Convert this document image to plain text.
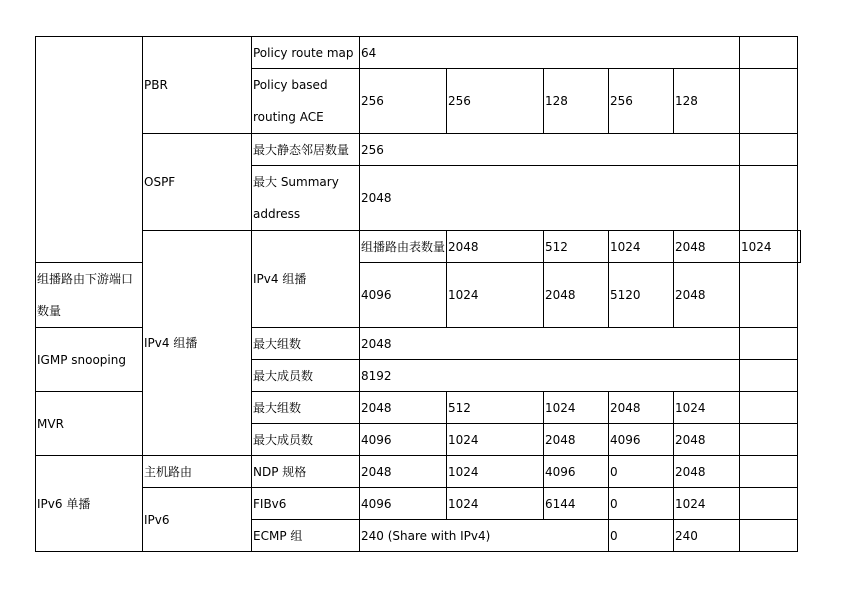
	PBR	Policy route map	64						

		Policy based
routing ACE	256	256	128	256	128		
	OSPF	最大静态邻居数量	256						

		最大 Summary
address	2048						
	IPv4 组播	IPv4 组播	组播路由表数量	2048	512	1024	2048	1024	

组播路由下游端口
数量			4096	1024	2048	5120	2048		
IGMP snooping		最大组数	2048						
		最大成员数	8192						
MVR		最大组数	2048	512	1024	2048	1024		
		最大成员数	4096	1024	2048	4096	2048		
IPv6 单播	主机路由	NDP 规格	2048	1024	4096	0	2048		
	IPv6	FIBv6	4096	1024	6144	0	1024		
		ECMP 组	240 (Share with IPv4)			0	240		
